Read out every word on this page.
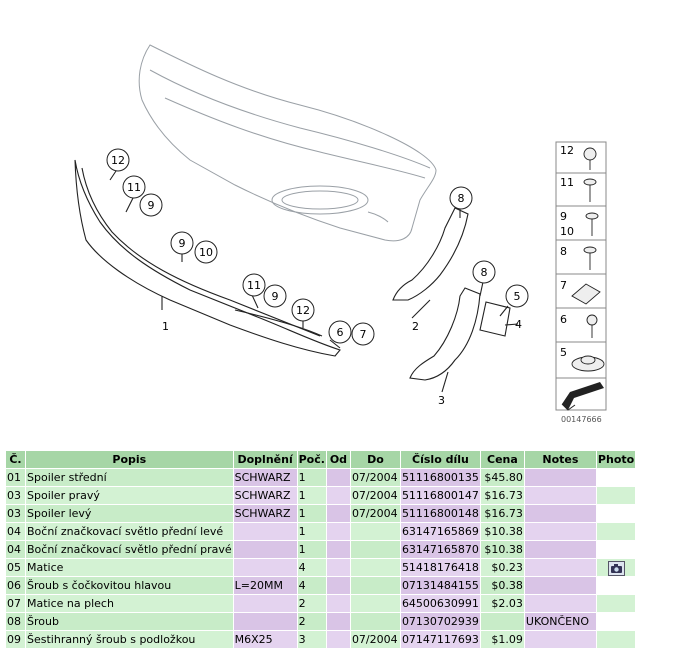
12
11
9
9
10
11
9
12
6 7
8
8
5
1	2
3
4
12
11
9
10
8
7
6
5
00147666
Č.	Popis	Doplnění	Poč.	Od	Do	Číslo dílu	Cena	Notes	Photo
01	Spoiler střední	SCHWARZ	1		07/2004	51116800135	$45.80		
03	Spoiler pravý	SCHWARZ	1		07/2004	51116800147	$16.73		
03	Spoiler levý	SCHWARZ	1		07/2004	51116800148	$16.73		
04	Boční značkovací světlo přední levé		1			63147165869	$10.38		
04	Boční značkovací světlo přední pravé		1			63147165870	$10.38		
05	Matice		4			51418176418	$0.23		
06	Šroub s čočkovitou hlavou	L=20MM	4			07131484155	$0.38		
07	Matice na plech		2			64500630991	$2.03		
08	Šroub		2			07130702939		UKONČENO	
09	Šestihranný šroub s podložkou	M6X25	3		07/2004	07147117693	$1.09		
